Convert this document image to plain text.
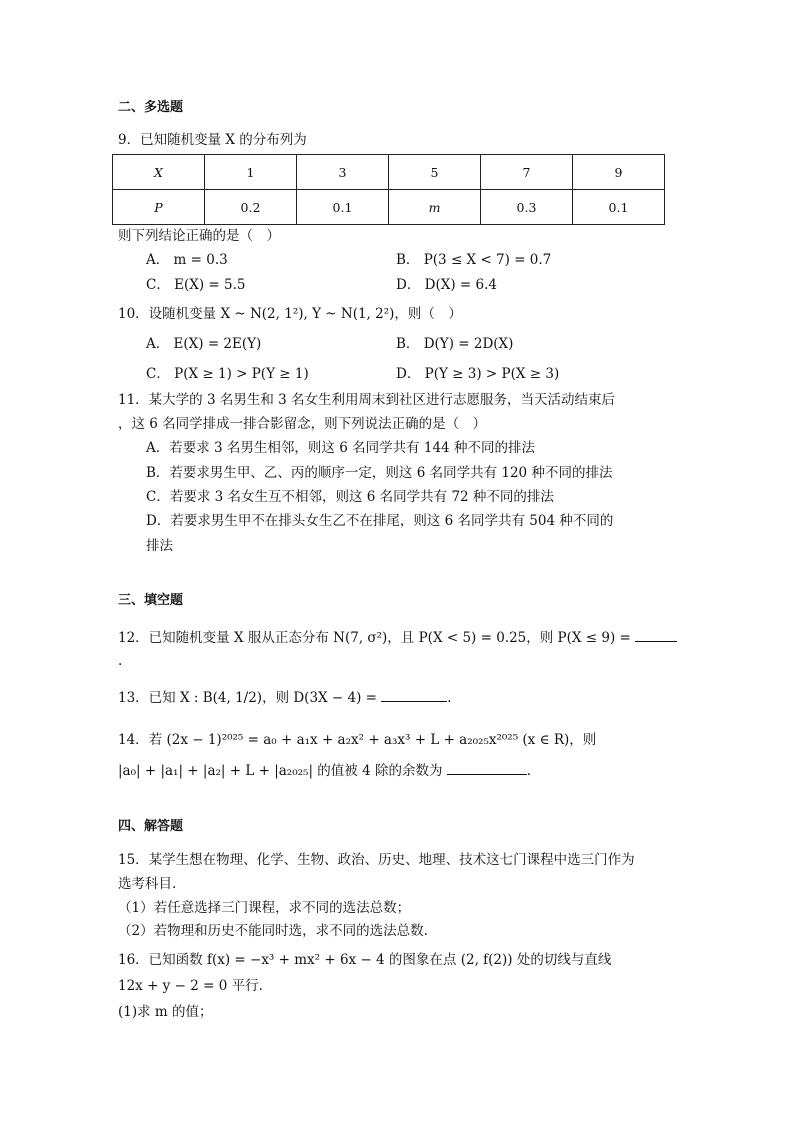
二、多选题
9．已知随机变量 X 的分布列为
X	1	3	5	7	9
P	0.2	0.1	m	0.3	0.1
则下列结论正确的是（　）
A． m = 0.3	B． P(3 ≤ X < 7) = 0.7
C． E(X) = 5.5	D． D(X) = 6.4
10．设随机变量 X ~ N(2, 1²), Y ~ N(1, 2²)，则（　）
A． E(X) = 2E(Y)	B． D(Y) = 2D(X)
C． P(X ≥ 1) > P(Y ≥ 1)	D． P(Y ≥ 3) > P(X ≥ 3)
11．某大学的 3 名男生和 3 名女生利用周末到社区进行志愿服务，当天活动结束后
，这 6 名同学排成一排合影留念，则下列说法正确的是（　）
A．若要求 3 名男生相邻，则这 6 名同学共有 144 种不同的排法
B．若要求男生甲、乙、丙的顺序一定，则这 6 名同学共有 120 种不同的排法
C．若要求 3 名女生互不相邻，则这 6 名同学共有 72 种不同的排法
D．若要求男生甲不在排头女生乙不在排尾，则这 6 名同学共有 504 种不同的
排法
三、填空题
12．已知随机变量 X 服从正态分布 N(7, σ²)，且 P(X < 5) = 0.25，则 P(X ≤ 9) =
.
13．已知 X : B(4, 1/2)，则 D(3X − 4) =	.
14．若 (2x − 1)²⁰²⁵ = a₀ + a₁x + a₂x² + a₃x³ + L + a₂₀₂₅x²⁰²⁵ (x ∈ R)，则
|a₀| + |a₁| + |a₂| + L + |a₂₀₂₅| 的值被 4 除的余数为	.
四、解答题
15．某学生想在物理、化学、生物、政治、历史、地理、技术这七门课程中选三门作为
选考科目.
（1）若任意选择三门课程，求不同的选法总数；
（2）若物理和历史不能同时选，求不同的选法总数.
16．已知函数 f(x) = −x³ + mx² + 6x − 4 的图象在点 (2, f(2)) 处的切线与直线
12x + y − 2 = 0 平行．
(1)求 m 的值；
